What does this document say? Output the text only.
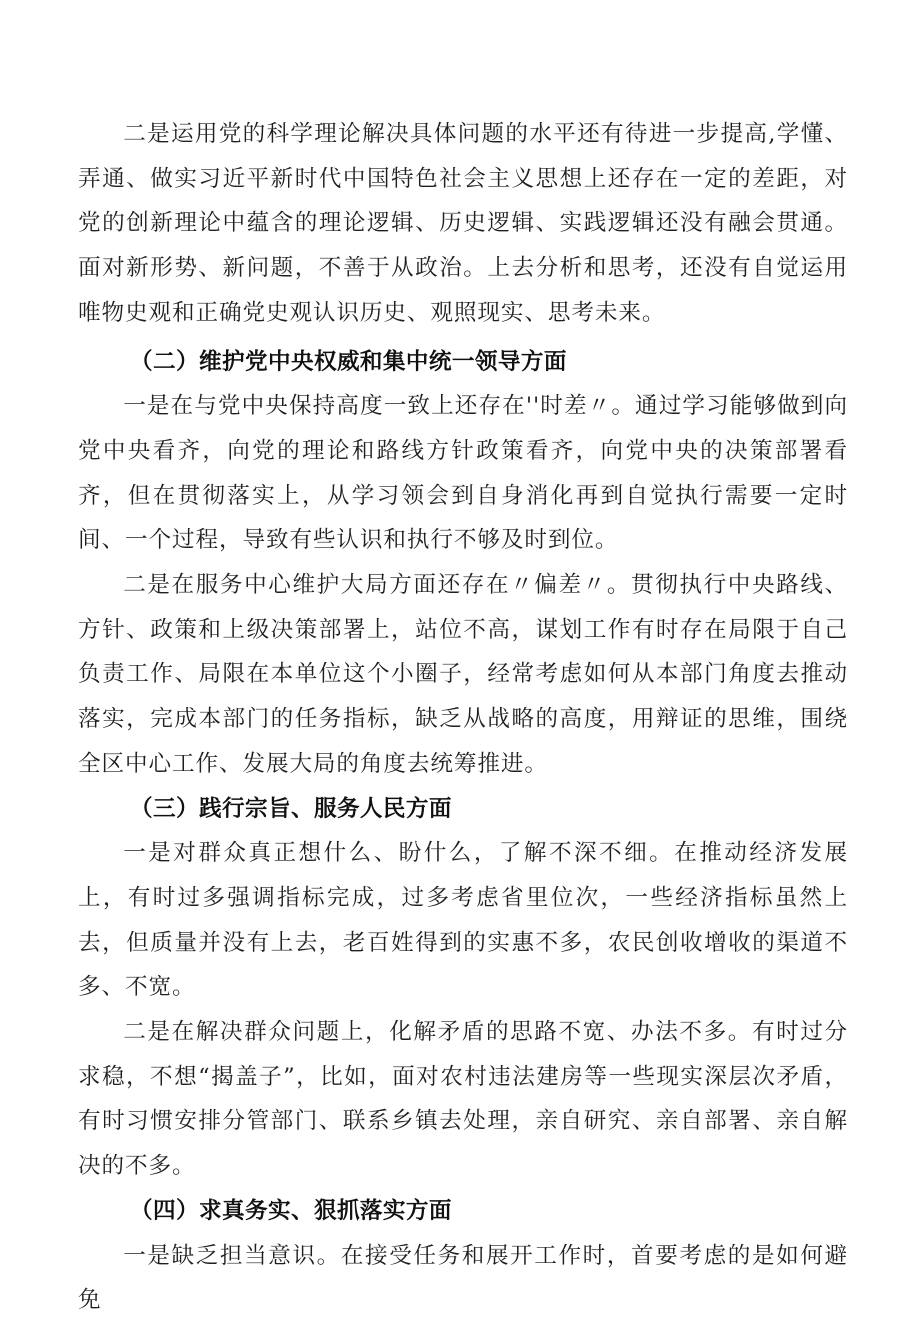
二是运用党的科学理论解决具体问题的水平还有待进一步提高,学懂、弄通、做实习近平新时代中国特色社会主义思想上还存在一定的差距，对党的创新理论中蕴含的理论逻辑、历史逻辑、实践逻辑还没有融会贯通。面对新形势、新问题，不善于从政治。上去分析和思考，还没有自觉运用唯物史观和正确党史观认识历史、观照现实、思考未来。

（二）维护党中央权威和集中统一领导方面

一是在与党中央保持高度一致上还存在''时差〃。通过学习能够做到向党中央看齐，向党的理论和路线方针政策看齐，向党中央的决策部署看齐，但在贯彻落实上，从学习领会到自身消化再到自觉执行需要一定时间、一个过程，导致有些认识和执行不够及时到位。

二是在服务中心维护大局方面还存在〃偏差〃。贯彻执行中央路线、方针、政策和上级决策部署上，站位不高，谋划工作有时存在局限于自己负责工作、局限在本单位这个小圈子，经常考虑如何从本部门角度去推动落实，完成本部门的任务指标，缺乏从战略的高度，用辩证的思维，围绕全区中心工作、发展大局的角度去统筹推进。

（三）践行宗旨、服务人民方面

一是对群众真正想什么、盼什么，了解不深不细。在推动经济发展上，有时过多强调指标完成，过多考虑省里位次，一些经济指标虽然上去，但质量并没有上去，老百姓得到的实惠不多，农民创收增收的渠道不多、不宽。

二是在解决群众问题上，化解矛盾的思路不宽、办法不多。有时过分求稳，不想“揭盖子”，比如，面对农村违法建房等一些现实深层次矛盾，有时习惯安排分管部门、联系乡镇去处理，亲自研究、亲自部署、亲自解决的不多。

（四）求真务实、狠抓落实方面

一是缺乏担当意识。在接受任务和展开工作时，首要考虑的是如何避免
